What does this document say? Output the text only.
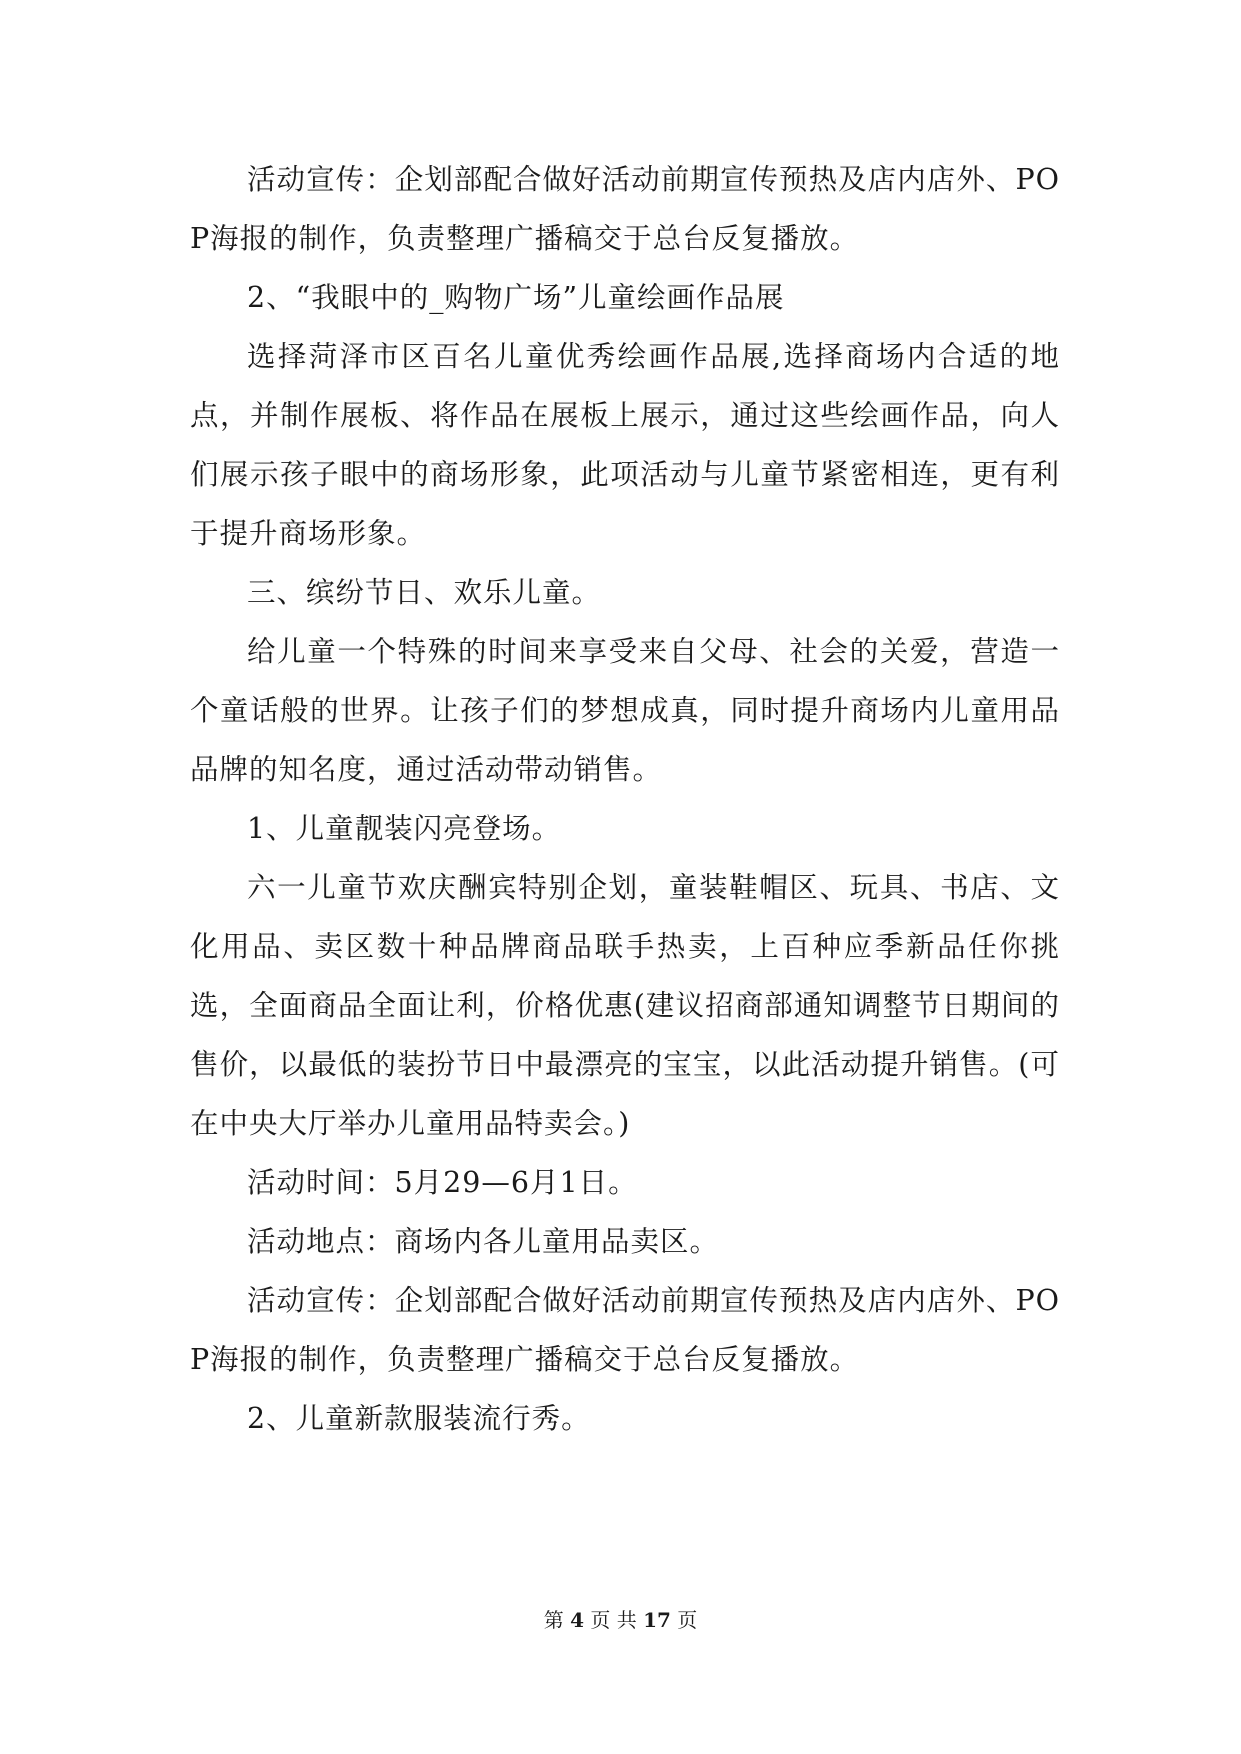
活动宣传：企划部配合做好活动前期宣传预热及店内店外、POP海报的制作，负责整理广播稿交于总台反复播放。

2、“我眼中的_购物广场”儿童绘画作品展

选择菏泽市区百名儿童优秀绘画作品展,选择商场内合适的地点，并制作展板、将作品在展板上展示，通过这些绘画作品，向人们展示孩子眼中的商场形象，此项活动与儿童节紧密相连，更有利于提升商场形象。

三、缤纷节日、欢乐儿童。

给儿童一个特殊的时间来享受来自父母、社会的关爱，营造一个童话般的世界。让孩子们的梦想成真，同时提升商场内儿童用品品牌的知名度，通过活动带动销售。

1、儿童靓装闪亮登场。

六一儿童节欢庆酬宾特别企划，童装鞋帽区、玩具、书店、文化用品、卖区数十种品牌商品联手热卖，上百种应季新品任你挑选，全面商品全面让利，价格优惠(建议招商部通知调整节日期间的售价，以最低的装扮节日中最漂亮的宝宝，以此活动提升销售。(可在中央大厅举办儿童用品特卖会。)

活动时间：5月29—6月1日。

活动地点：商场内各儿童用品卖区。

活动宣传：企划部配合做好活动前期宣传预热及店内店外、POP海报的制作，负责整理广播稿交于总台反复播放。

2、儿童新款服装流行秀。

第 4 页 共 17 页
